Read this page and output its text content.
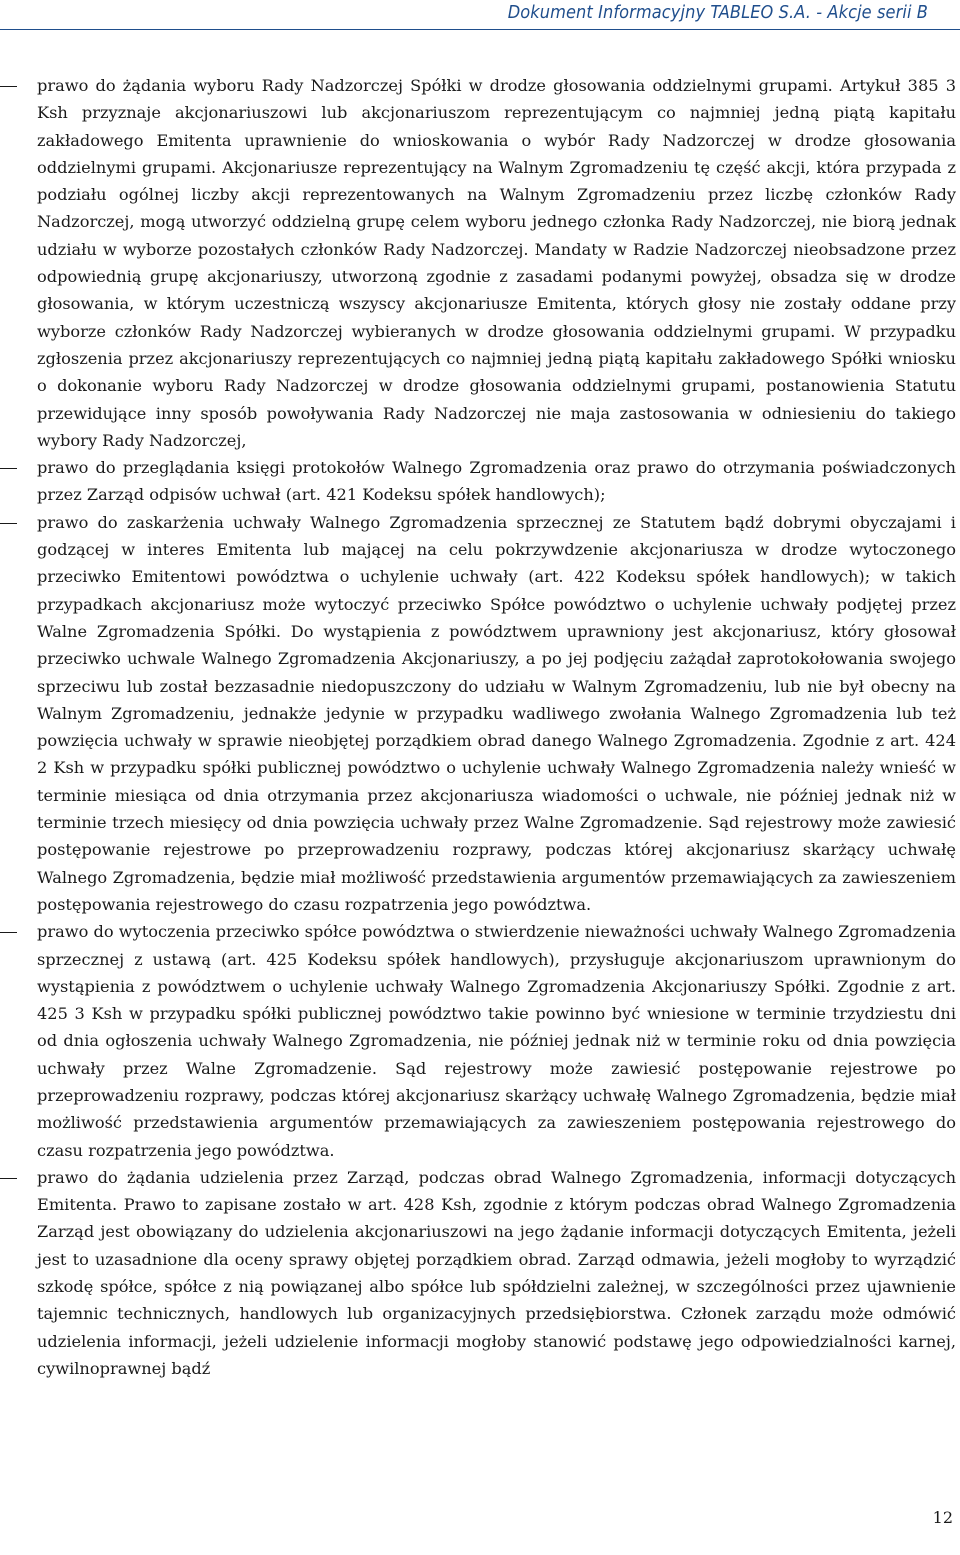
Dokument Informacyjny TABLEO S.A. - Akcje serii B
prawo do żądania wyboru Rady Nadzorczej Spółki w drodze głosowania oddzielnymi grupami. Artykuł 385 3 Ksh przyznaje akcjonariuszowi lub akcjonariuszom reprezentującym co najmniej jedną piątą kapitału zakładowego Emitenta uprawnienie do wnioskowania o wybór Rady Nadzorczej w drodze głosowania oddzielnymi grupami. Akcjonariusze reprezentujący na Walnym Zgromadzeniu tę część akcji, która przypada z podziału ogólnej liczby akcji reprezentowanych na Walnym Zgromadzeniu przez liczbę członków Rady Nadzorczej, mogą utworzyć oddzielną grupę celem wyboru jednego członka Rady Nadzorczej, nie biorą jednak udziału w wyborze pozostałych członków Rady Nadzorczej. Mandaty w Radzie Nadzorczej nieobsadzone przez odpowiednią grupę akcjonariuszy, utworzoną zgodnie z zasadami podanymi powyżej, obsadza się w drodze głosowania, w którym uczestniczą wszyscy akcjonariusze Emitenta, których głosy nie zostały oddane przy wyborze członków Rady Nadzorczej wybieranych w drodze głosowania oddzielnymi grupami. W przypadku zgłoszenia przez akcjonariuszy reprezentujących co najmniej jedną piątą kapitału zakładowego Spółki wniosku o dokonanie wyboru Rady Nadzorczej w drodze głosowania oddzielnymi grupami, postanowienia Statutu przewidujące inny sposób powoływania Rady Nadzorczej nie maja zastosowania w odniesieniu do takiego wybory Rady Nadzorczej,
prawo do przeglądania księgi protokołów Walnego Zgromadzenia oraz prawo do otrzymania poświadczonych przez Zarząd odpisów uchwał (art. 421 Kodeksu spółek handlowych);
prawo do zaskarżenia uchwały Walnego Zgromadzenia sprzecznej ze Statutem bądź dobrymi obyczajami i godzącej w interes Emitenta lub mającej na celu pokrzywdzenie akcjonariusza w drodze wytoczonego przeciwko Emitentowi powództwa o uchylenie uchwały (art. 422 Kodeksu spółek handlowych); w takich przypadkach akcjonariusz może wytoczyć przeciwko Spółce powództwo o uchylenie uchwały podjętej przez Walne Zgromadzenia Spółki. Do wystąpienia z powództwem uprawniony jest akcjonariusz, który głosował przeciwko uchwale Walnego Zgromadzenia Akcjonariuszy, a po jej podjęciu zażądał zaprotokołowania swojego sprzeciwu lub został bezzasadnie niedopuszczony do udziału w Walnym Zgromadzeniu, lub nie był obecny na Walnym Zgromadzeniu, jednakże jedynie w przypadku wadliwego zwołania Walnego Zgromadzenia lub też powzięcia uchwały w sprawie nieobjętej porządkiem obrad danego Walnego Zgromadzenia. Zgodnie z art. 424 2 Ksh w przypadku spółki publicznej powództwo o uchylenie uchwały Walnego Zgromadzenia należy wnieść w terminie miesiąca od dnia otrzymania przez akcjonariusza wiadomości o uchwale, nie później jednak niż w terminie trzech miesięcy od dnia powzięcia uchwały przez Walne Zgromadzenie. Sąd rejestrowy może zawiesić postępowanie rejestrowe po przeprowadzeniu rozprawy, podczas której akcjonariusz skarżący uchwałę Walnego Zgromadzenia, będzie miał możliwość przedstawienia argumentów przemawiających za zawieszeniem postępowania rejestrowego do czasu rozpatrzenia jego powództwa.
prawo do wytoczenia przeciwko spółce powództwa o stwierdzenie nieważności uchwały Walnego Zgromadzenia sprzecznej z ustawą (art. 425 Kodeksu spółek handlowych), przysługuje akcjonariuszom uprawnionym do wystąpienia z powództwem o uchylenie uchwały Walnego Zgromadzenia Akcjonariuszy Spółki. Zgodnie z art. 425 3 Ksh w przypadku spółki publicznej powództwo takie powinno być wniesione w terminie trzydziestu dni od dnia ogłoszenia uchwały Walnego Zgromadzenia, nie później jednak niż w terminie roku od dnia powzięcia uchwały przez Walne Zgromadzenie. Sąd rejestrowy może zawiesić postępowanie rejestrowe po przeprowadzeniu rozprawy, podczas której akcjonariusz skarżący uchwałę Walnego Zgromadzenia, będzie miał możliwość przedstawienia argumentów przemawiających za zawieszeniem postępowania rejestrowego do czasu rozpatrzenia jego powództwa.
prawo do żądania udzielenia przez Zarząd, podczas obrad Walnego Zgromadzenia, informacji dotyczących Emitenta. Prawo to zapisane zostało w art. 428 Ksh, zgodnie z którym podczas obrad Walnego Zgromadzenia Zarząd jest obowiązany do udzielenia akcjonariuszowi na jego żądanie informacji dotyczących Emitenta, jeżeli jest to uzasadnione dla oceny sprawy objętej porządkiem obrad. Zarząd odmawia, jeżeli mogłoby to wyrządzić szkodę spółce, spółce z nią powiązanej albo spółce lub spółdzielni zależnej, w szczególności przez ujawnienie tajemnic technicznych, handlowych lub organizacyjnych przedsiębiorstwa. Członek zarządu może odmówić udzielenia informacji, jeżeli udzielenie informacji mogłoby stanowić podstawę jego odpowiedzialności karnej, cywilnoprawnej bądź
12
